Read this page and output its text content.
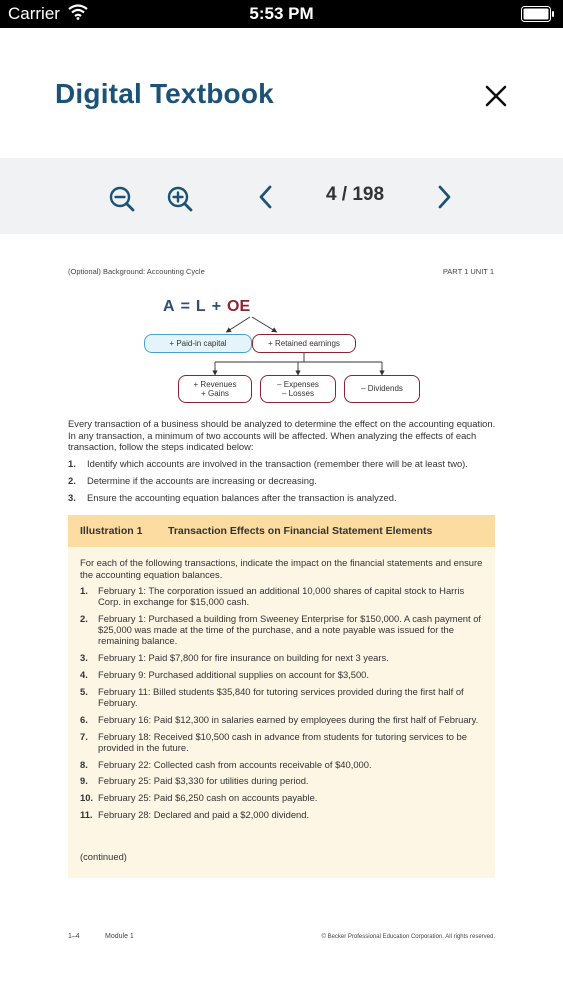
Carrier	5:53 PM
Digital Textbook
4 / 198
(Optional) Background: Accounting Cycle	PART 1 UNIT 1
A = L + OE
+ Paid-in capital	+ Retained earnings
+ Revenues
+ Gains
– Expenses
– Losses
– Dividends
Every transaction of a business should be analyzed to determine the effect on the accounting equation. In any transaction, a minimum of two accounts will be affected. When analyzing the effects of each transaction, follow the steps indicated below:
1. Identify which accounts are involved in the transaction (remember there will be at least two).
2. Determine if the accounts are increasing or decreasing.
3. Ensure the accounting equation balances after the transaction is analyzed.
Illustration 1 Transaction Effects on Financial Statement Elements
For each of the following transactions, indicate the impact on the financial statements and ensure the accounting equation balances.
1. February 1: The corporation issued an additional 10,000 shares of capital stock to Harris Corp. in exchange for $15,000 cash.
2. February 1: Purchased a building from Sweeney Enterprise for $150,000. A cash payment of $25,000 was made at the time of the purchase, and a note payable was issued for the remaining balance.
3. February 1: Paid $7,800 for fire insurance on building for next 3 years.
4. February 9: Purchased additional supplies on account for $3,500.
5. February 11: Billed students $35,840 for tutoring services provided during the first half of February.
6. February 16: Paid $12,300 in salaries earned by employees during the first half of February.
7. February 18: Received $10,500 cash in advance from students for tutoring services to be provided in the future.
8. February 22: Collected cash from accounts receivable of $40,000.
9. February 25: Paid $3,330 for utilities during period.
10. February 25: Paid $6,250 cash on accounts payable.
11. February 28: Declared and paid a $2,000 dividend.
(continued)
1–4	Module 1	© Becker Professional Education Corporation. All rights reserved.
